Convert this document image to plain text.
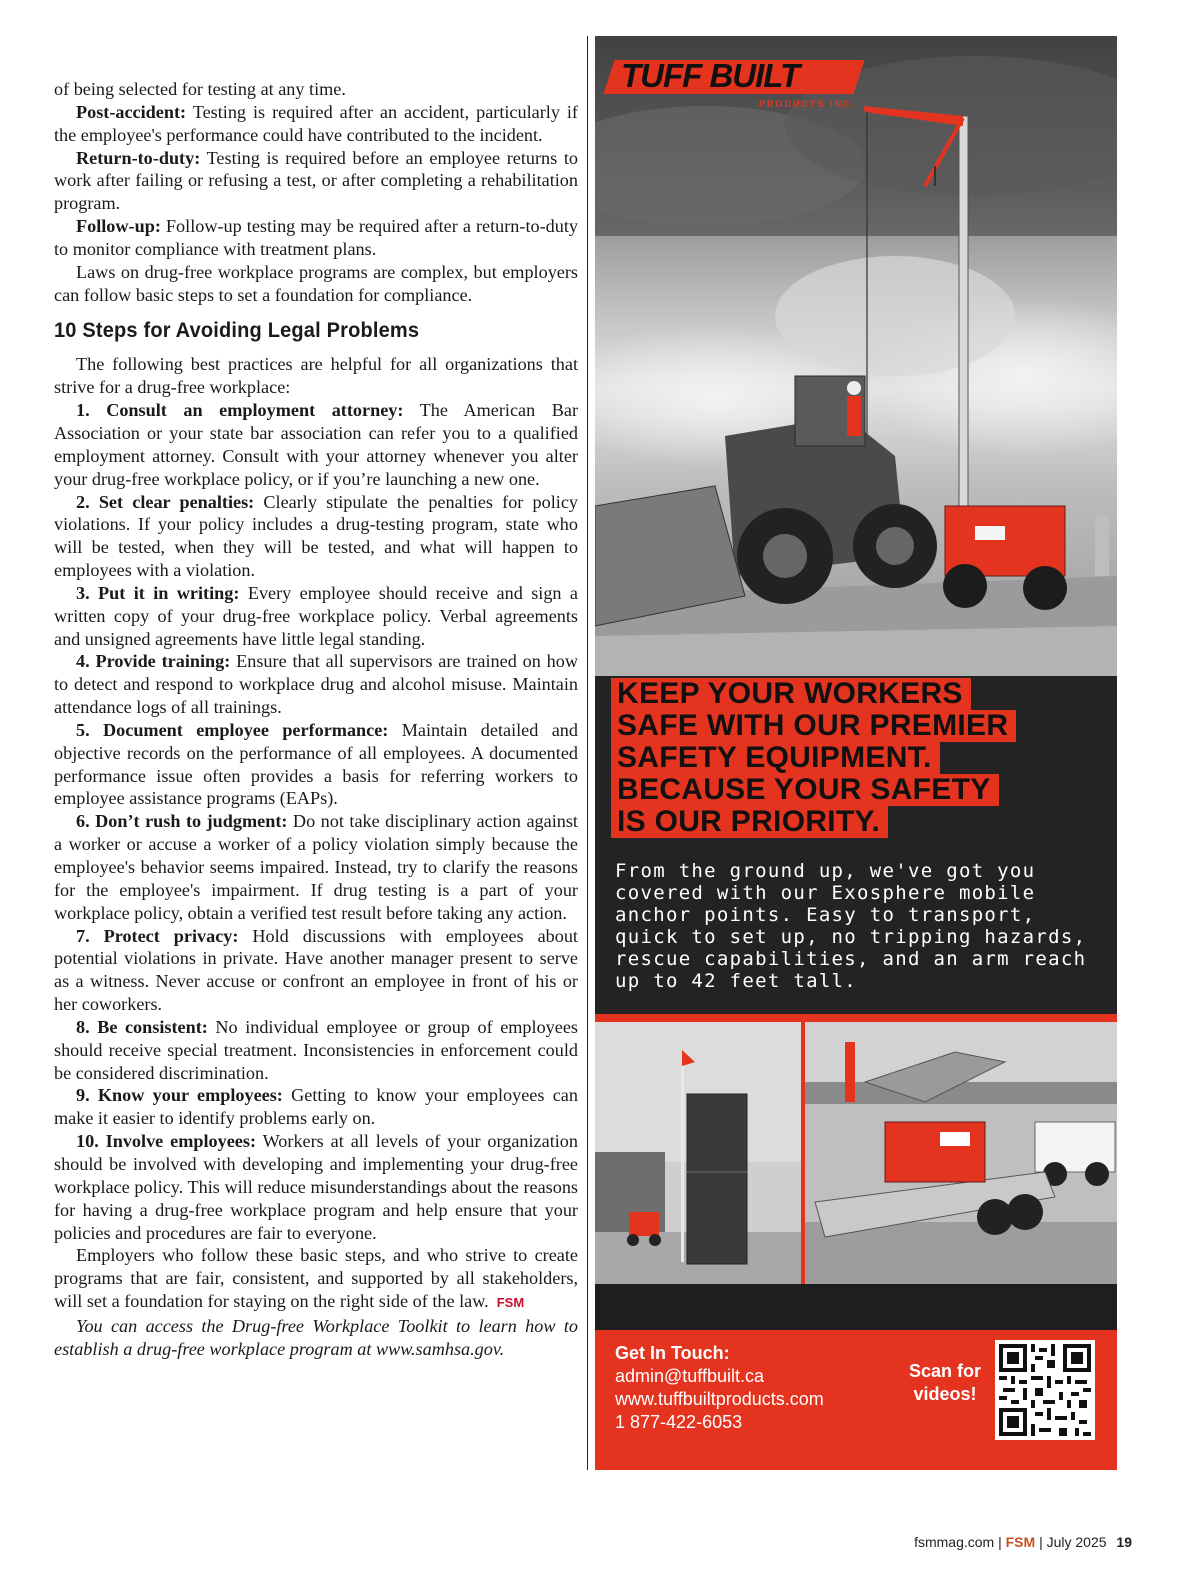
of being selected for testing at any time.

Post-accident: Testing is required after an accident, particularly if the employee's performance could have contributed to the incident.

Return-to-duty: Testing is required before an employee returns to work after failing or refusing a test, or after completing a rehabilitation program.

Follow-up: Follow-up testing may be required after a return-to-duty to monitor compliance with treatment plans.

Laws on drug-free workplace programs are complex, but employers can follow basic steps to set a foundation for compliance.

10 Steps for Avoiding Legal Problems

The following best practices are helpful for all organizations that strive for a drug-free workplace:

1. Consult an employment attorney: The American Bar Association or your state bar association can refer you to a qualified employment attorney. Consult with your attorney whenever you alter your drug-free workplace policy, or if you’re launching a new one.

2. Set clear penalties: Clearly stipulate the penalties for policy violations. If your policy includes a drug-testing program, state who will be tested, when they will be tested, and what will happen to employees with a violation.

3. Put it in writing: Every employee should receive and sign a written copy of your drug-free workplace policy. Verbal agreements and unsigned agreements have little legal standing.

4. Provide training: Ensure that all supervisors are trained on how to detect and respond to workplace drug and alcohol misuse. Maintain attendance logs of all trainings.

5. Document employee performance: Maintain detailed and objective records on the performance of all employees. A documented performance issue often provides a basis for referring workers to employee assistance programs (EAPs).

6. Don’t rush to judgment: Do not take disciplinary action against a worker or accuse a worker of a policy violation simply because the employee's behavior seems impaired. Instead, try to clarify the reasons for the employee's impairment. If drug testing is a part of your workplace policy, obtain a verified test result before taking any action.

7. Protect privacy: Hold discussions with employees about potential violations in private. Have another manager present to serve as a witness. Never accuse or confront an employee in front of his or her coworkers.

8. Be consistent: No individual employee or group of employees should receive special treatment. Inconsistencies in enforcement could be considered discrimination.

9. Know your employees: Getting to know your employees can make it easier to identify problems early on.

10. Involve employees: Workers at all levels of your organization should be involved with developing and implementing your drug-free workplace policy. This will reduce misunderstandings about the reasons for having a drug-free workplace program and help ensure that your policies and procedures are fair to everyone.

Employers who follow these basic steps, and who strive to create programs that are fair, consistent, and supported by all stakeholders, will set a foundation for staying on the right side of the law. FSM

You can access the Drug-free Workplace Toolkit to learn how to establish a drug-free workplace program at www.samhsa.gov.

TUFF BUILT
PRODUCTS INC.
KEEP YOUR WORKERS
SAFE WITH OUR PREMIER
SAFETY EQUIPMENT.
BECAUSE YOUR SAFETY
IS OUR PRIORITY.
From the ground up, we've got you covered with our Exosphere mobile anchor points. Easy to transport, quick to set up, no tripping hazards, rescue capabilities, and an arm reach up to 42 feet tall.
Get In Touch:
admin@tuffbuilt.ca
www.tuffbuiltproducts.com
1 877-422-6053
Scan for videos!
fsmmag.com | FSM | July 2025 19
